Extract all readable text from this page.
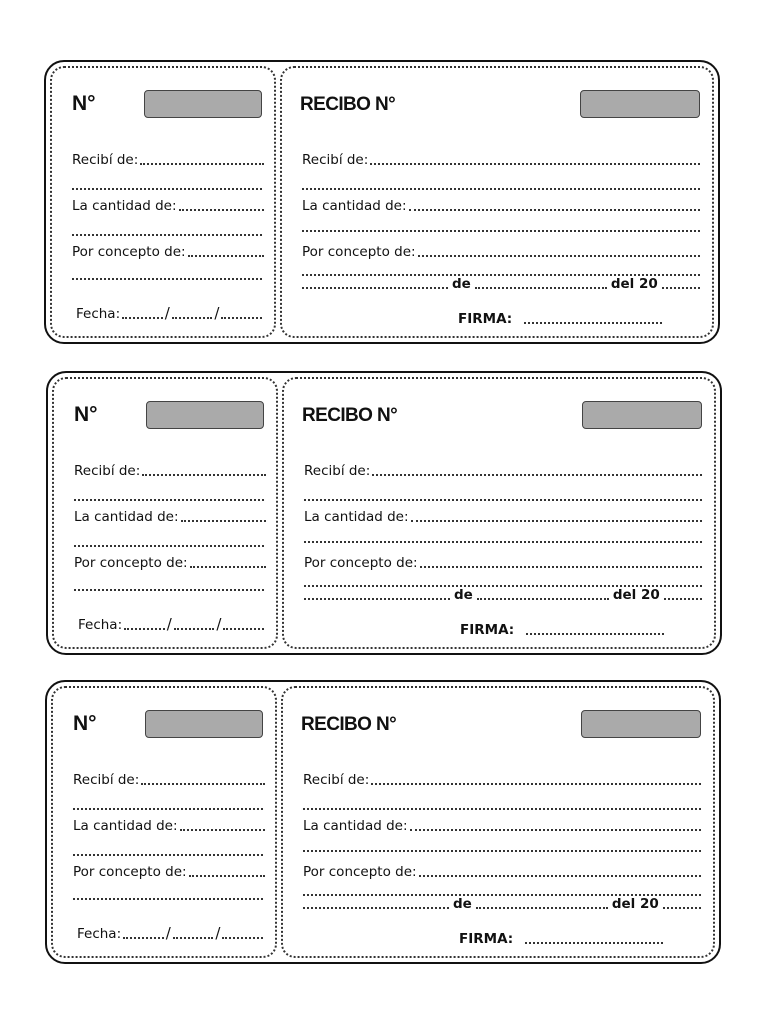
N°
Recibí de:
La cantidad de:
Por concepto de:
Fecha:	/	/
RECIBO N°
Recibí de:
La cantidad de:
Por concepto de:
de	del 20
FIRMA:
N°
Recibí de:
La cantidad de:
Por concepto de:
Fecha:	/	/
RECIBO N°
Recibí de:
La cantidad de:
Por concepto de:
de	del 20
FIRMA:
N°
Recibí de:
La cantidad de:
Por concepto de:
Fecha:	/	/
RECIBO N°
Recibí de:
La cantidad de:
Por concepto de:
de	del 20
FIRMA:
